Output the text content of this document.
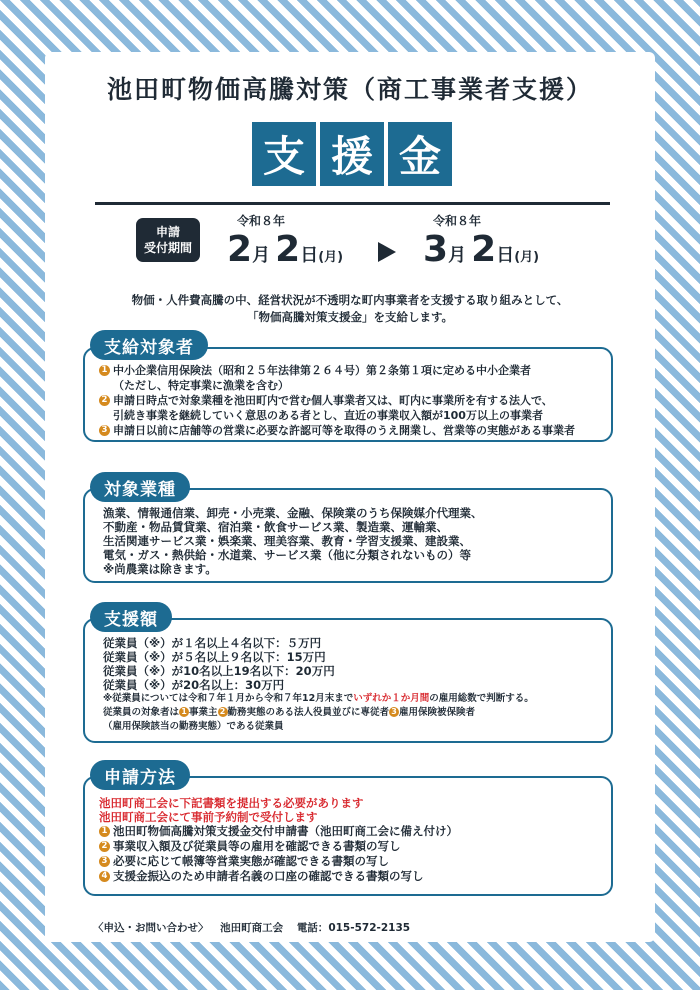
池田町物価高騰対策（商工事業者支援）
支 援 金
申請
受付期間
令和８年
2月 2日(月)
令和８年
3月 2日(月)
物価・人件費高騰の中、経営状況が不透明な町内事業者を支援する取り組みとして、
「物価高騰対策支援金」を支給します。
1 中小企業信用保険法（昭和２５年法律第２６４号）第２条第１項に定める中小企業者
（ただし、特定事業に漁業を含む）
2 申請日時点で対象業種を池田町内で営む個人事業者又は、町内に事業所を有する法人で、
引続き事業を継続していく意思のある者とし、直近の事業収入額が100万以上の事業者
3 申請日以前に店舗等の営業に必要な許認可等を取得のうえ開業し、営業等の実態がある事業者
支給対象者
漁業、情報通信業、卸売・小売業、金融、保険業のうち保険媒介代理業、
不動産・物品賃貸業、宿泊業・飲食サービス業、製造業、運輸業、
生活関連サービス業・娯楽業、理美容業、教育・学習支援業、建設業、
電気・ガス・熱供給・水道業、サービス業（他に分類されないもの）等
※尚農業は除きます。
対象業種
従業員（※）が１名以上４名以下：５万円
従業員（※）が５名以上９名以下：15万円
従業員（※）が10名以上19名以下：20万円
従業員（※）が20名以上：30万円
※従業員については令和７年１月から令和７年12月末までいずれか１か月間の雇用総数で判断する。
従業員の対象者は 1 事業主 2 勤務実態のある法人役員並びに専従者 3 雇用保険被保険者
（雇用保険該当の勤務実態）である従業員
支援額
池田町商工会に下記書類を提出する必要があります
池田町商工会にて事前予約制で受付します
1 池田町物価高騰対策支援金交付申請書（池田町商工会に備え付け）
2 事業収入額及び従業員等の雇用を確認できる書類の写し
3 必要に応じて帳簿等営業実態が確認できる書類の写し
4 支援金振込のため申請者名義の口座の確認できる書類の写し
申請方法
〈申込・お問い合わせ〉 池田町商工会 電話：015-572-2135
